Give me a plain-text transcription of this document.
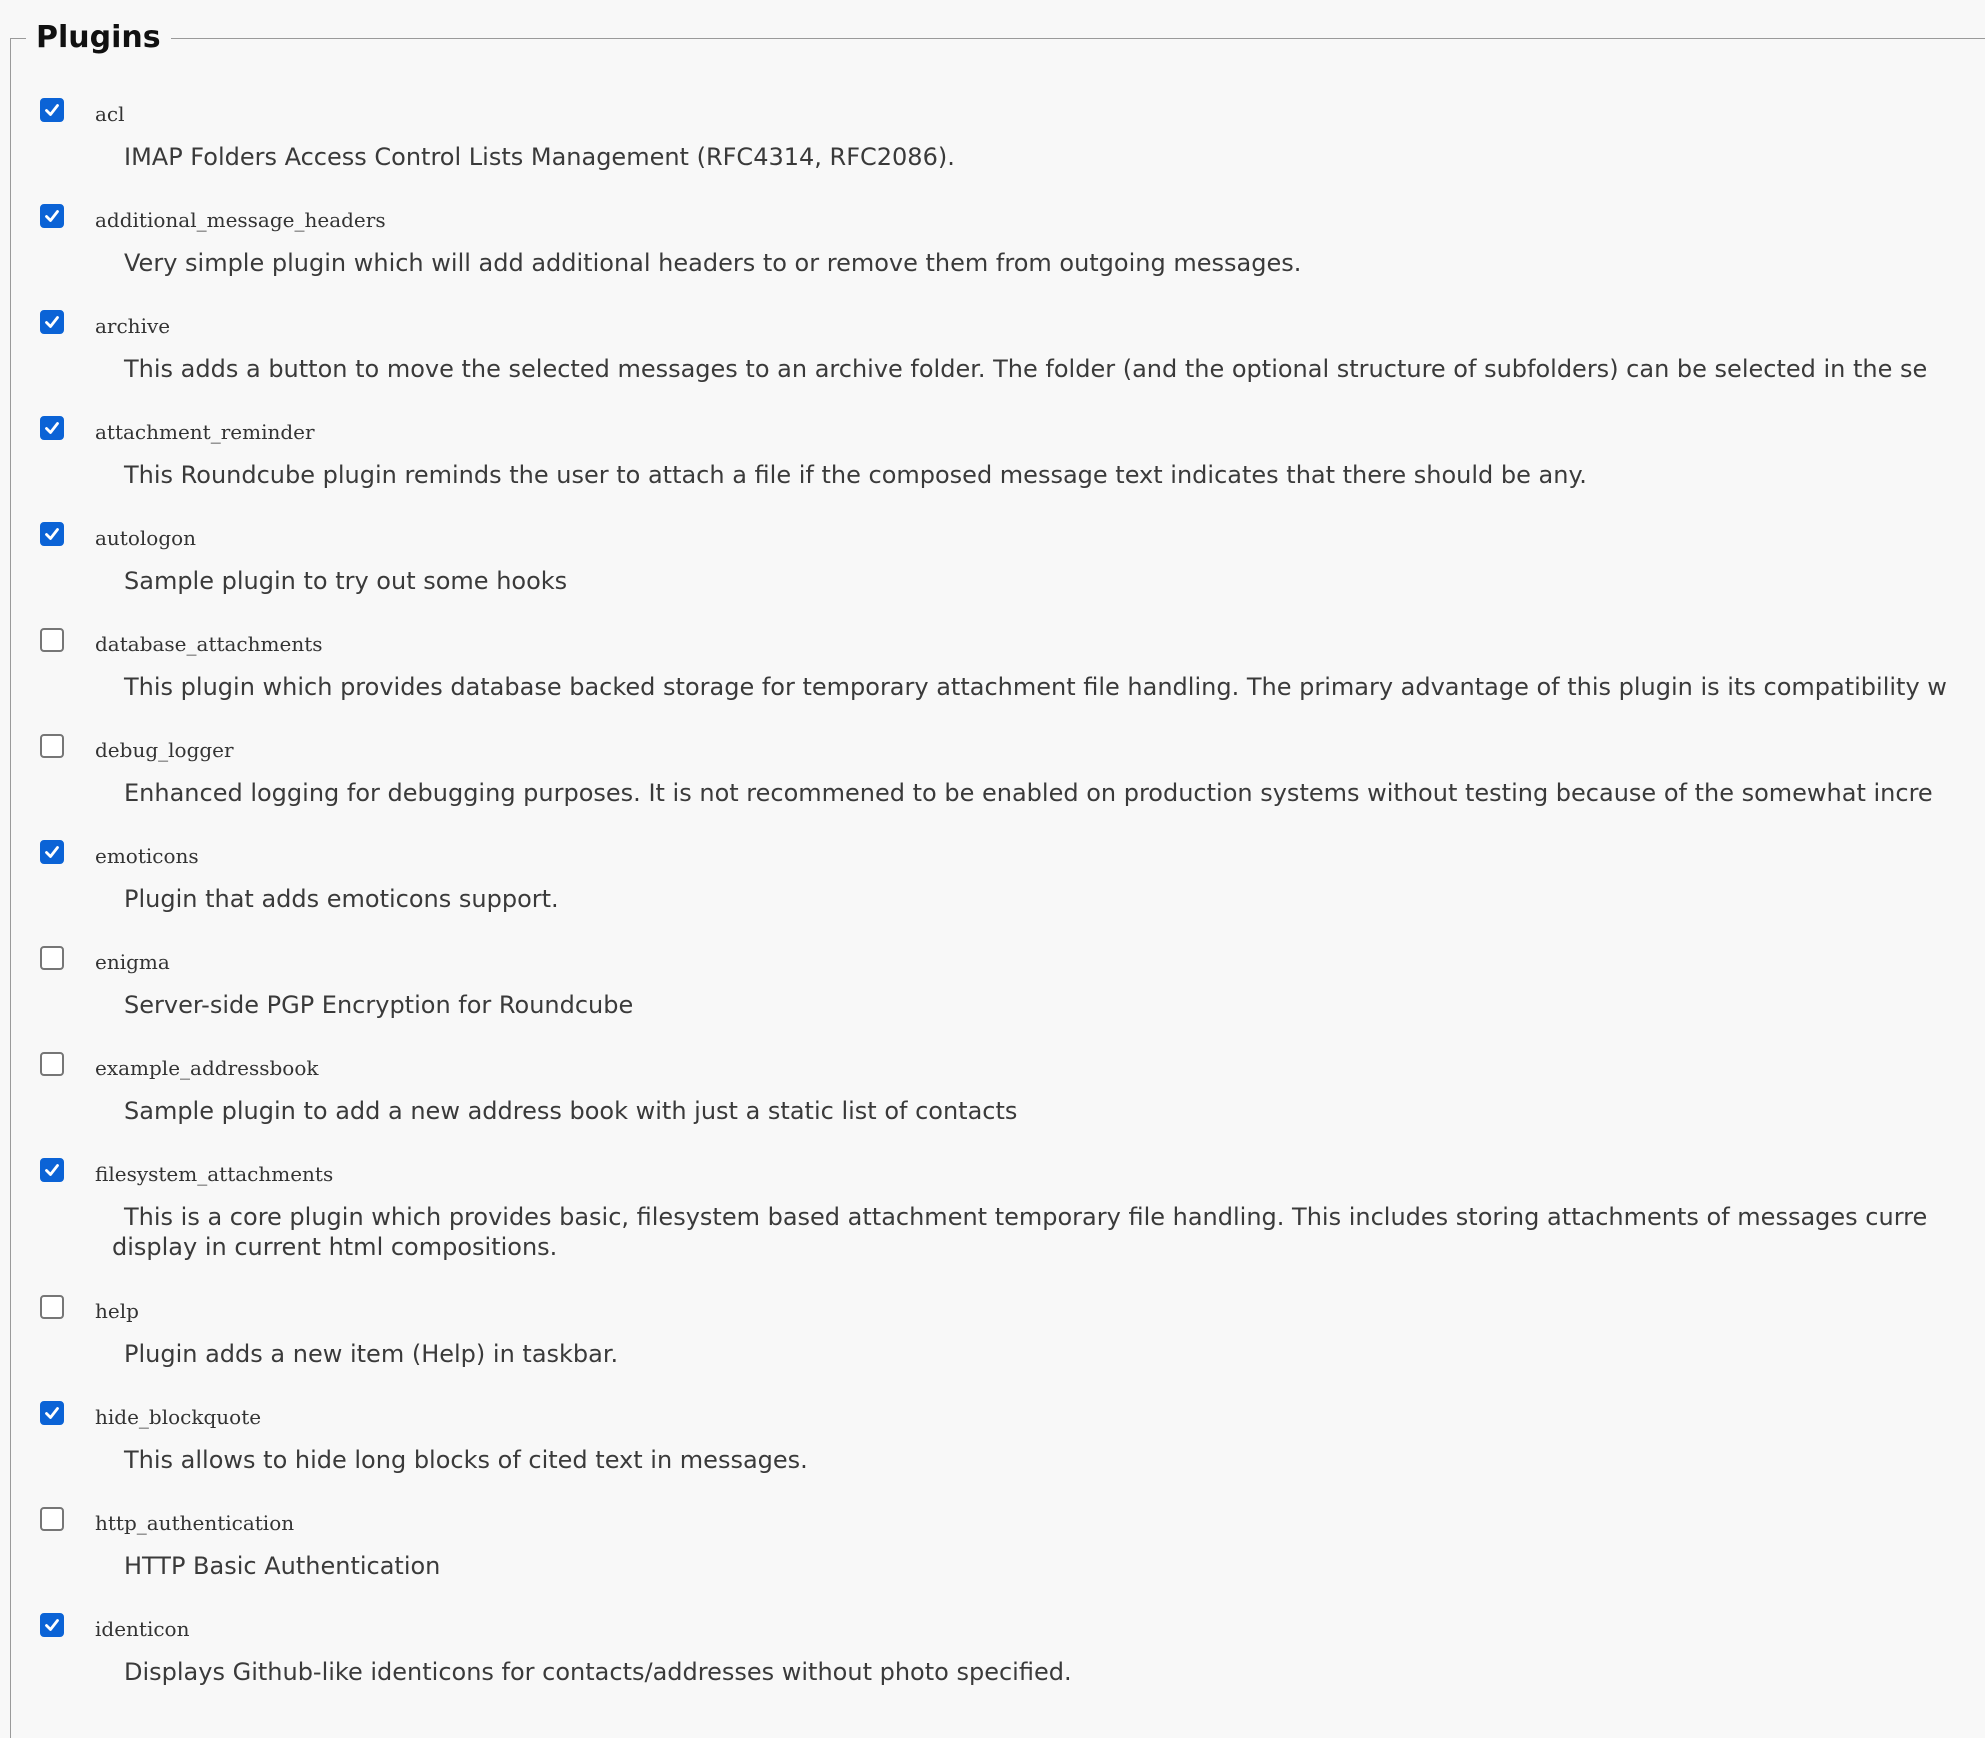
Plugins
acl
IMAP Folders Access Control Lists Management (RFC4314, RFC2086).
additional_message_headers
Very simple plugin which will add additional headers to or remove them from outgoing messages.
archive
This adds a button to move the selected messages to an archive folder. The folder (and the optional structure of subfolders) can be selected in the se
attachment_reminder
This Roundcube plugin reminds the user to attach a file if the composed message text indicates that there should be any.
autologon
Sample plugin to try out some hooks
database_attachments
This plugin which provides database backed storage for temporary attachment file handling. The primary advantage of this plugin is its compatibility w
debug_logger
Enhanced logging for debugging purposes. It is not recommened to be enabled on production systems without testing because of the somewhat incre
emoticons
Plugin that adds emoticons support.
enigma
Server-side PGP Encryption for Roundcube
example_addressbook
Sample plugin to add a new address book with just a static list of contacts
filesystem_attachments
This is a core plugin which provides basic, filesystem based attachment temporary file handling. This includes storing attachments of messages curre
display in current html compositions.
help
Plugin adds a new item (Help) in taskbar.
hide_blockquote
This allows to hide long blocks of cited text in messages.
http_authentication
HTTP Basic Authentication
identicon
Displays Github-like identicons for contacts/addresses without photo specified.
